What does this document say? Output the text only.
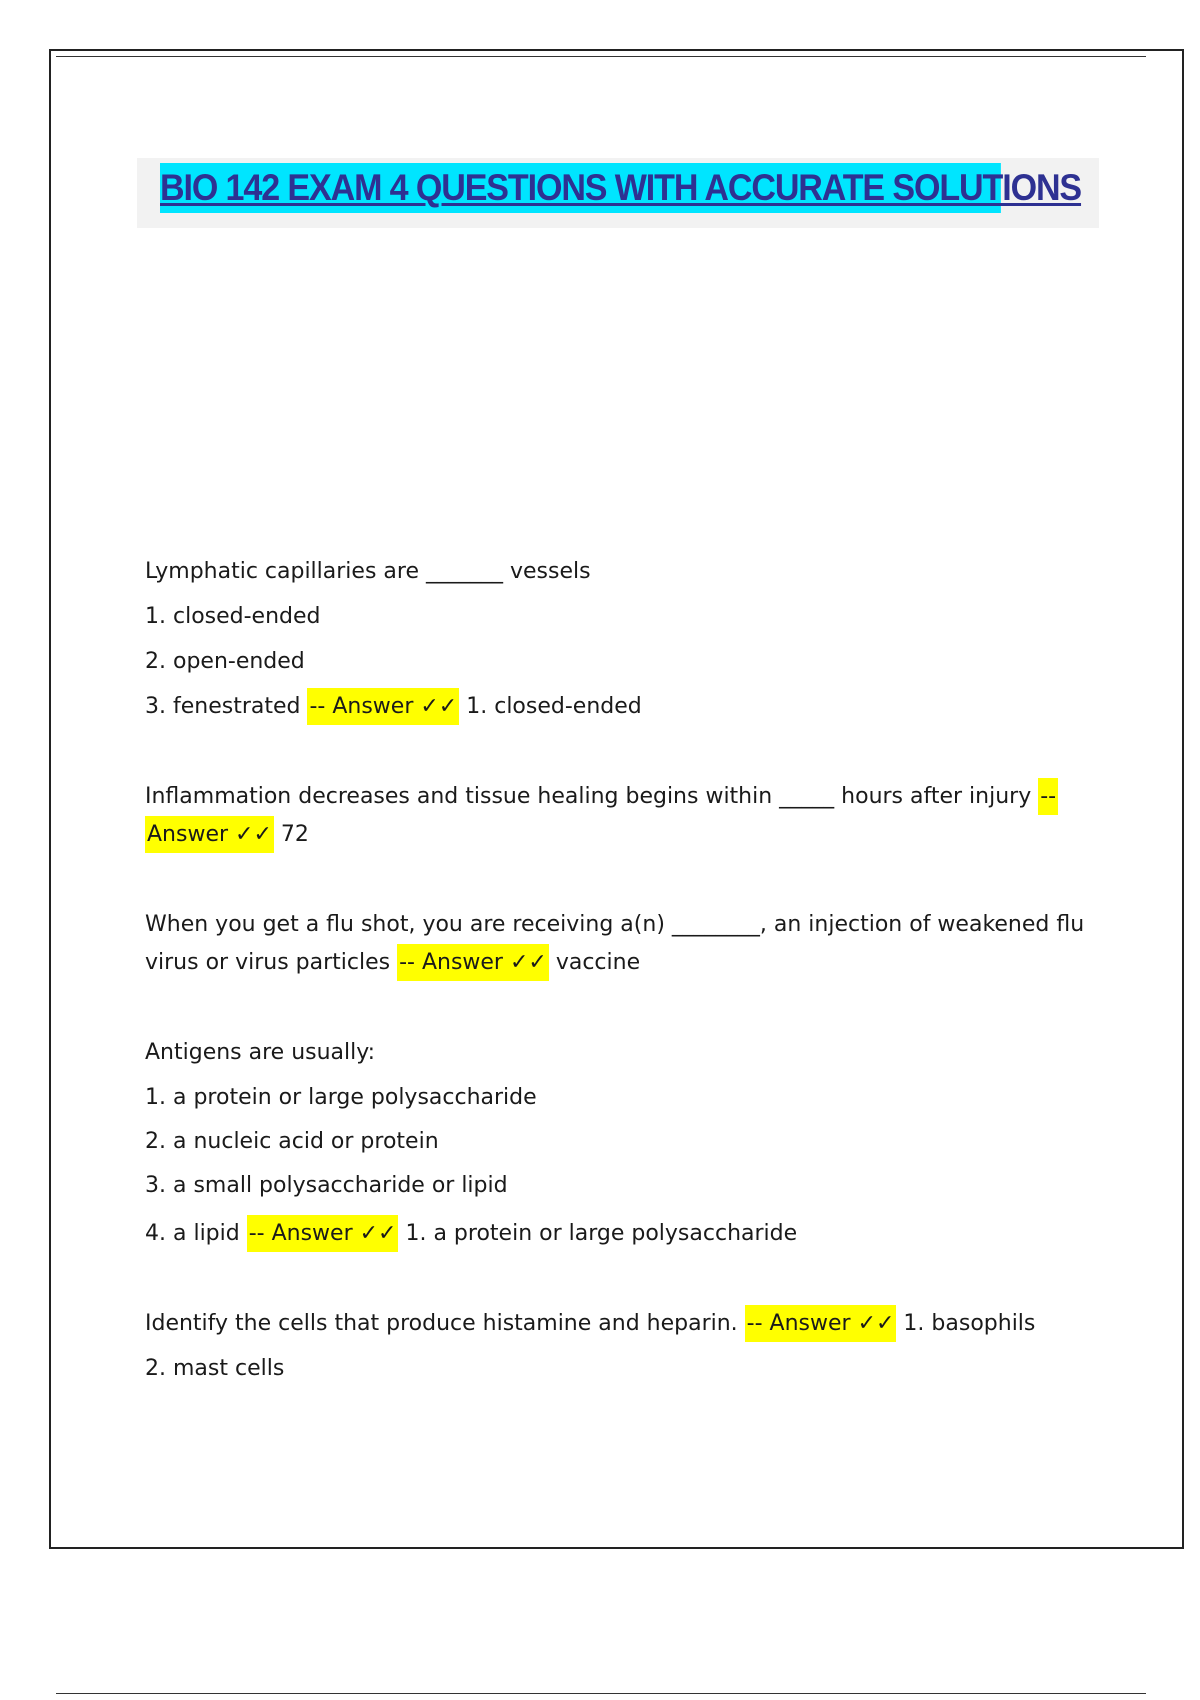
BIO 142 EXAM 4 QUESTIONS WITH ACCURATE SOLUTIONS
Lymphatic capillaries are _______ vessels
1. closed-ended
2. open-ended
3. fenestrated -- Answer ✓✓ 1. closed-ended
Inflammation decreases and tissue healing begins within _____ hours after injury --
Answer ✓✓ 72
When you get a flu shot, you are receiving a(n) ________, an injection of weakened flu
virus or virus particles -- Answer ✓✓ vaccine
Antigens are usually:
1. a protein or large polysaccharide
2. a nucleic acid or protein
3. a small polysaccharide or lipid
4. a lipid -- Answer ✓✓ 1. a protein or large polysaccharide
Identify the cells that produce histamine and heparin. -- Answer ✓✓ 1. basophils
2. mast cells
